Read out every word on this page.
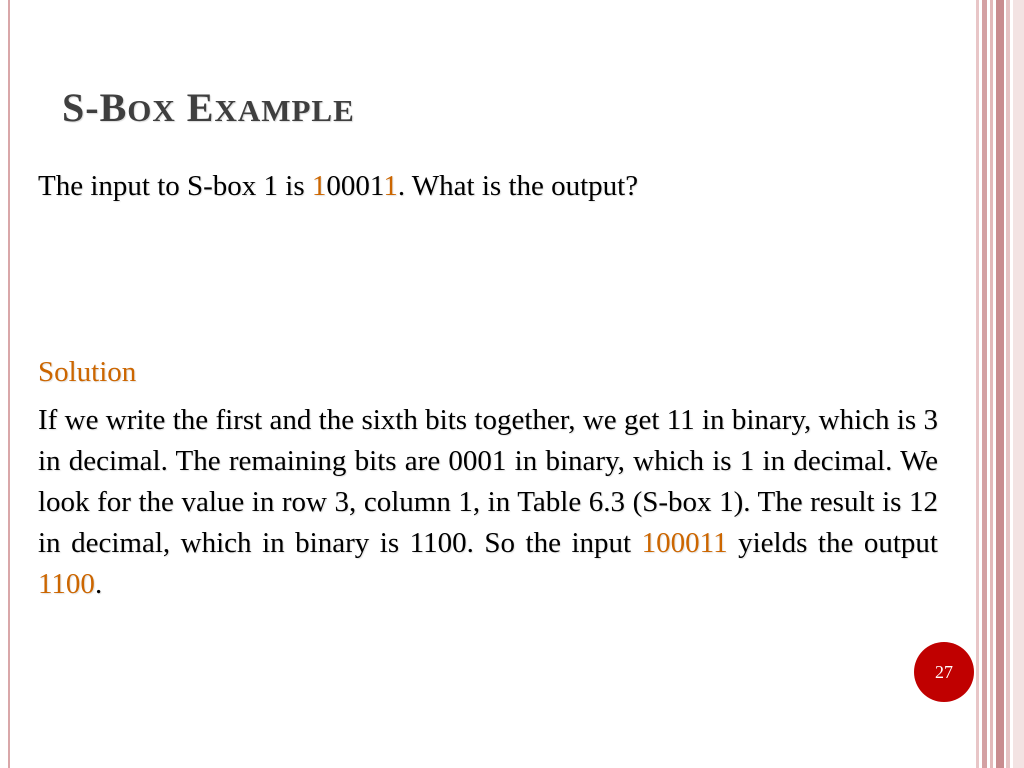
S-BOX EXAMPLE
The input to S-box 1 is 100011. What is the output?
Solution
If we write the first and the sixth bits together, we get 11 in binary, which is 3 in decimal. The remaining bits are 0001 in binary, which is 1 in decimal. We look for the value in row 3, column 1, in Table 6.3 (S-box 1). The result is 12 in decimal, which in binary is 1100. So the input 100011 yields the output 1100.
27
